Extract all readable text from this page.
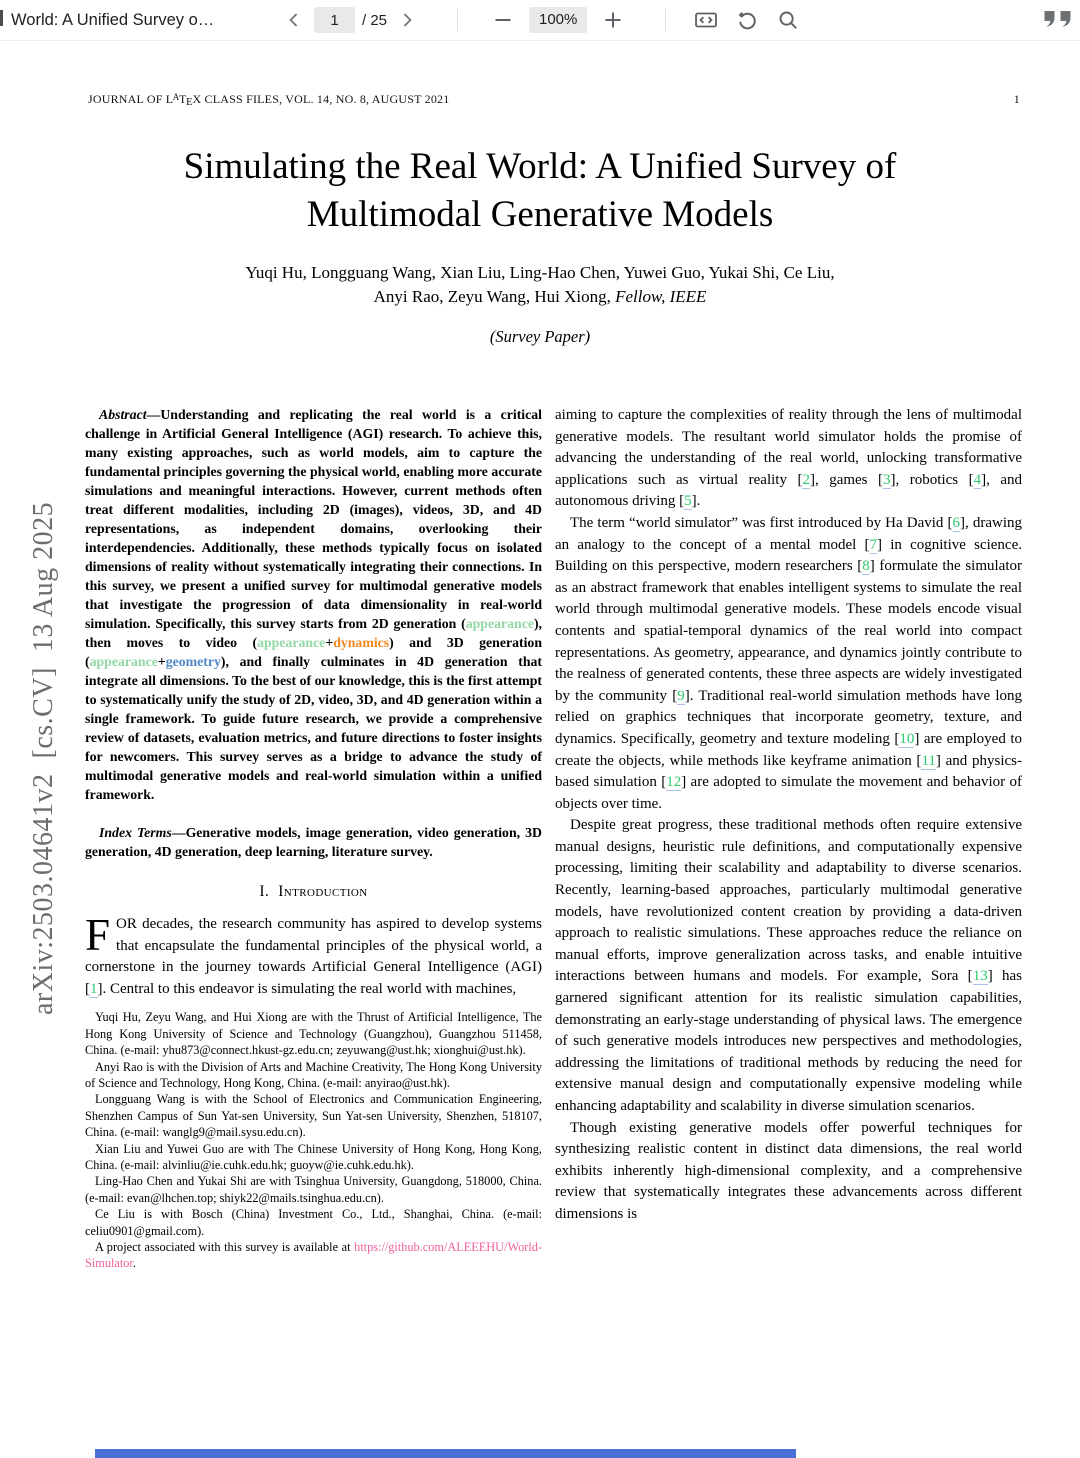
World: A Unified Survey o…
1	/ 25	100%
arXiv:2503.04641v2  [cs.CV]  13 Aug 2025
JOURNAL OF $L^ATEX$ CLASS FILES, VOL. 14, NO. 8, AUGUST 2021	1
Simulating the Real World: A Unified Survey of
Multimodal Generative Models
Yuqi Hu, Longguang Wang, Xian Liu, Ling-Hao Chen, Yuwei Guo, Yukai Shi, Ce Liu,
Anyi Rao, Zeyu Wang, Hui Xiong, Fellow, IEEE
(Survey Paper)

Abstract—Understanding and replicating the real world is a critical challenge in Artificial General Intelligence (AGI) research. To achieve this, many existing approaches, such as world models, aim to capture the fundamental principles governing the physical world, enabling more accurate simulations and meaningful interactions. However, current methods often treat different modalities, including 2D (images), videos, 3D, and 4D representations, as independent domains, overlooking their interdependencies. Additionally, these methods typically focus on isolated dimensions of reality without systematically integrating their connections. In this survey, we present a unified survey for multimodal generative models that investigate the progression of data dimensionality in real-world simulation. Specifically, this survey starts from 2D generation (appearance), then moves to video (appearance+dynamics) and 3D generation (appearance+geometry), and finally culminates in 4D generation that integrate all dimensions. To the best of our knowledge, this is the first attempt to systematically unify the study of 2D, video, 3D, and 4D generation within a single framework. To guide future research, we provide a comprehensive review of datasets, evaluation metrics, and future directions to foster insights for newcomers. This survey serves as a bridge to advance the study of multimodal generative models and real-world simulation within a unified framework.

Index Terms—Generative models, image generation, video generation, 3D generation, 4D generation, deep learning, literature survey.

I. Introduction

FOR decades, the research community has aspired to develop systems that encapsulate the fundamental principles of the physical world, a cornerstone in the journey towards Artificial General Intelligence (AGI) [1]. Central to this endeavor is simulating the real world with machines,

Yuqi Hu, Zeyu Wang, and Hui Xiong are with the Thrust of Artificial Intelligence, The Hong Kong University of Science and Technology (Guangzhou), Guangzhou 511458, China. (e-mail: yhu873@connect.hkust-gz.edu.cn; zeyuwang@ust.hk; xionghui@ust.hk).

Anyi Rao is with the Division of Arts and Machine Creativity, The Hong Kong University of Science and Technology, Hong Kong, China. (e-mail: anyirao@ust.hk).

Longguang Wang is with the School of Electronics and Communication Engineering, Shenzhen Campus of Sun Yat-sen University, Sun Yat-sen University, Shenzhen, 518107, China. (e-mail: wanglg9@mail.sysu.edu.cn).

Xian Liu and Yuwei Guo are with The Chinese University of Hong Kong, Hong Kong, China. (e-mail: alvinliu@ie.cuhk.edu.hk; guoyw@ie.cuhk.edu.hk).

Ling-Hao Chen and Yukai Shi are with Tsinghua University, Guangdong, 518000, China. (e-mail: evan@lhchen.top; shiyk22@mails.tsinghua.edu.cn).

Ce Liu is with Bosch (China) Investment Co., Ltd., Shanghai, China. (e-mail: celiu0901@gmail.com).

A project associated with this survey is available at https://github.com/ALEEEHU/World-Simulator.

aiming to capture the complexities of reality through the lens of multimodal generative models. The resultant world simulator holds the promise of advancing the understanding of the real world, unlocking transformative applications such as virtual reality [2], games [3], robotics [4], and autonomous driving [5].

The term “world simulator” was first introduced by Ha David [6], drawing an analogy to the concept of a mental model [7] in cognitive science. Building on this perspective, modern researchers [8] formulate the simulator as an abstract framework that enables intelligent systems to simulate the real world through multimodal generative models. These models encode visual contents and spatial-temporal dynamics of the real world into compact representations. As geometry, appearance, and dynamics jointly contribute to the realness of generated contents, these three aspects are widely investigated by the community [9]. Traditional real-world simulation methods have long relied on graphics techniques that incorporate geometry, texture, and dynamics. Specifically, geometry and texture modeling [10] are employed to create the objects, while methods like keyframe animation [11] and physics-based simulation [12] are adopted to simulate the movement and behavior of objects over time.

Despite great progress, these traditional methods often require extensive manual designs, heuristic rule definitions, and computationally expensive processing, limiting their scalability and adaptability to diverse scenarios. Recently, learning-based approaches, particularly multimodal generative models, have revolutionized content creation by providing a data-driven approach to realistic simulations. These approaches reduce the reliance on manual efforts, improve generalization across tasks, and enable intuitive interactions between humans and models. For example, Sora [13] has garnered significant attention for its realistic simulation capabilities, demonstrating an early-stage understanding of physical laws. The emergence of such generative models introduces new perspectives and methodologies, addressing the limitations of traditional methods by reducing the need for extensive manual design and computationally expensive modeling while enhancing adaptability and scalability in diverse simulation scenarios.

Though existing generative models offer powerful techniques for synthesizing realistic content in distinct data dimensions, the real world exhibits inherently high-dimensional complexity, and a comprehensive review that systematically integrates these advancements across different dimensions is
